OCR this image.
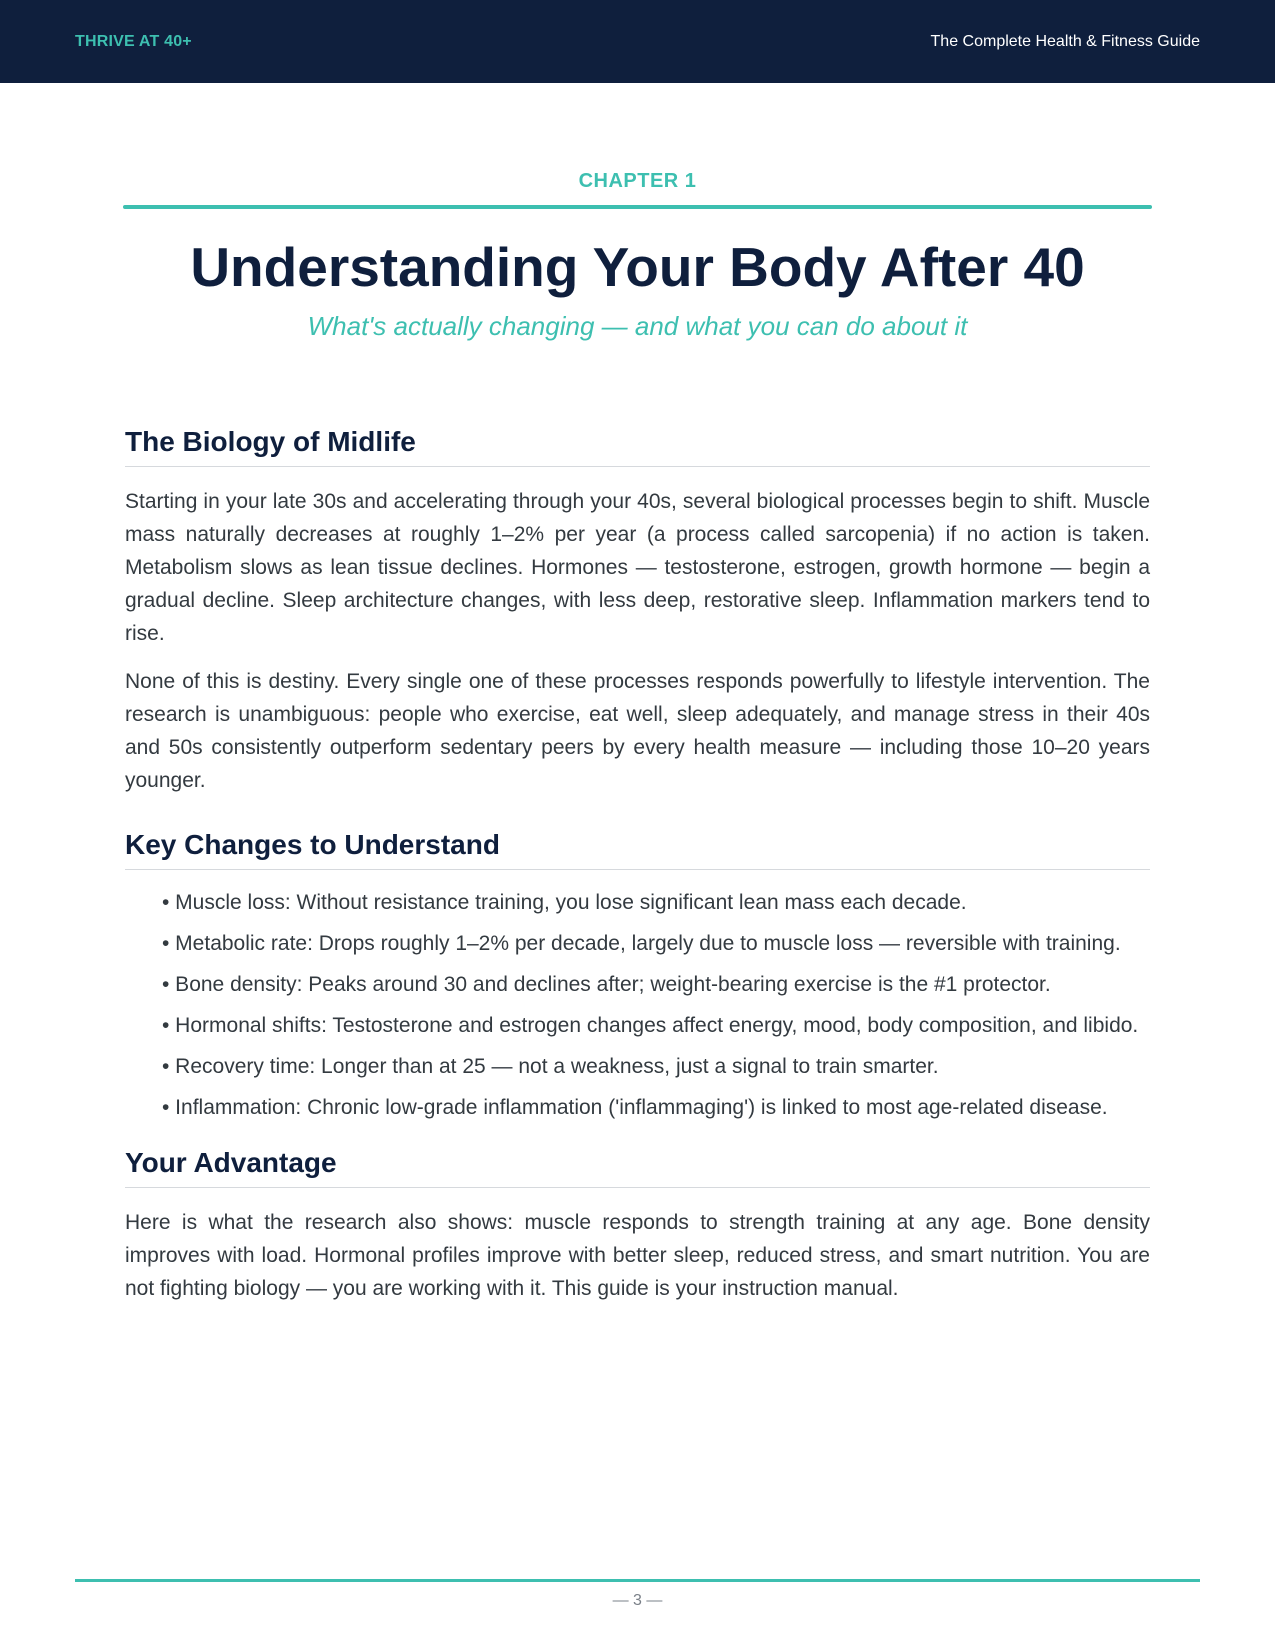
THRIVE AT 40+	The Complete Health & Fitness Guide
CHAPTER 1
Understanding Your Body After 40
What's actually changing — and what you can do about it
The Biology of Midlife

Starting in your late 30s and accelerating through your 40s, several biological processes begin to shift. Muscle mass naturally decreases at roughly 1–2% per year (a process called sarcopenia) if no action is taken. Metabolism slows as lean tissue declines. Hormones — testosterone, estrogen, growth hormone — begin a gradual decline. Sleep architecture changes, with less deep, restorative sleep. Inflammation markers tend to rise.

None of this is destiny. Every single one of these processes responds powerfully to lifestyle intervention. The research is unambiguous: people who exercise, eat well, sleep adequately, and manage stress in their 40s and 50s consistently outperform sedentary peers by every health measure — including those 10–20 years younger.

Key Changes to Understand
• Muscle loss: Without resistance training, you lose significant lean mass each decade.
• Metabolic rate: Drops roughly 1–2% per decade, largely due to muscle loss — reversible with training.
• Bone density: Peaks around 30 and declines after; weight-bearing exercise is the #1 protector.
• Hormonal shifts: Testosterone and estrogen changes affect energy, mood, body composition, and libido.
• Recovery time: Longer than at 25 — not a weakness, just a signal to train smarter.
• Inflammation: Chronic low-grade inflammation ('inflammaging') is linked to most age-related disease.
Your Advantage

Here is what the research also shows: muscle responds to strength training at any age. Bone density improves with load. Hormonal profiles improve with better sleep, reduced stress, and smart nutrition. You are not fighting biology — you are working with it. This guide is your instruction manual.

— 3 —
